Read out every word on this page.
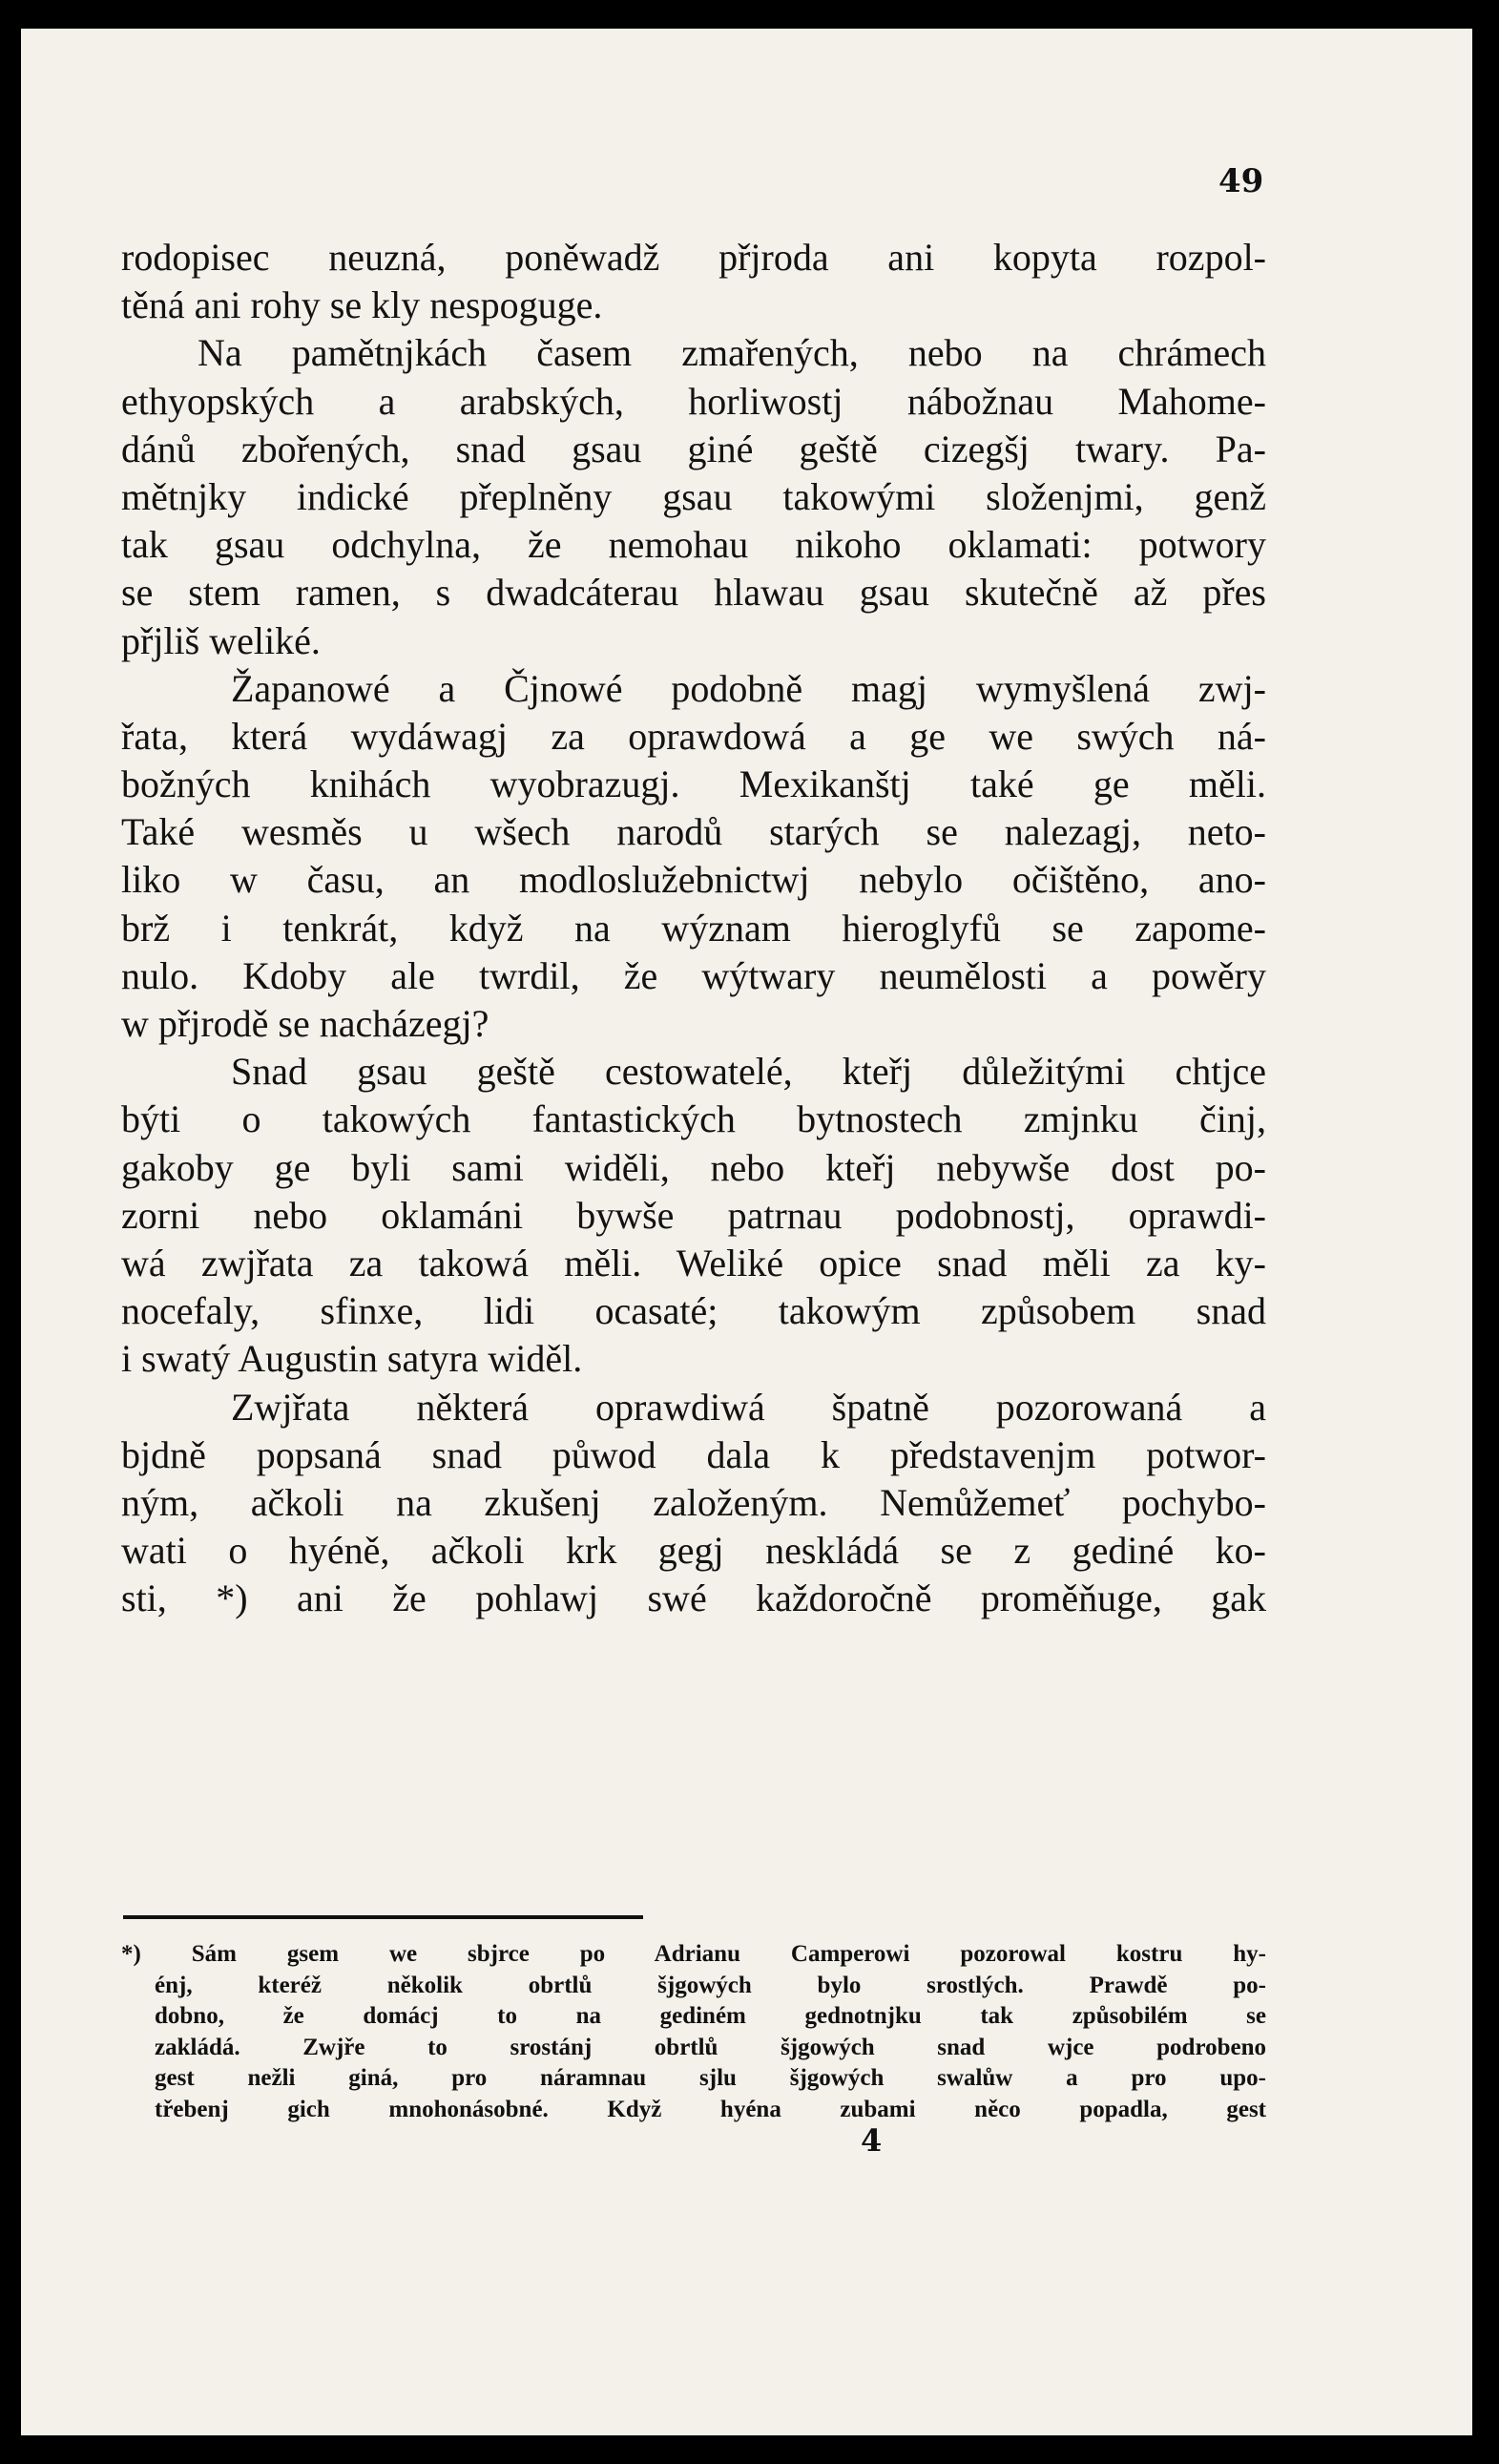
49
rodopisec neuzná, poněwadž přjroda ani kopyta rozpol-
těná ani rohy se kly nespoguge.
Na pamětnjkách časem zmařených, nebo na chrámech
ethyopských a arabských, horliwostj nábožnau Mahome-
dánů zbořených, snad gsau giné geště cizegšj twary. Pa-
mětnjky indické přeplněny gsau takowými složenjmi, genž
tak gsau odchylna, že nemohau nikoho oklamati: potwory
se stem ramen, s dwadcáterau hlawau gsau skutečně až přes
přjliš weliké.
Žapanowé a Čjnowé podobně magj wymyšlená zwj-
řata, která wydáwagj za oprawdowá a ge we swých ná-
božných knihách wyobrazugj. Mexikanštj také ge měli.
Také wesměs u wšech narodů starých se nalezagj, neto-
liko w času, an modloslužebnictwj nebylo očištěno, ano-
brž i tenkrát, když na wýznam hieroglyfů se zapome-
nulo. Kdoby ale twrdil, že wýtwary neumělosti a powěry
w přjrodě se nacházegj?
Snad gsau geště cestowatelé, kteřj důležitými chtjce
býti o takowých fantastických bytnostech zmjnku činj,
gakoby ge byli sami widěli, nebo kteřj nebywše dost po-
zorni nebo oklamáni bywše patrnau podobnostj, oprawdi-
wá zwjřata za takowá měli. Weliké opice snad měli za ky-
nocefaly, sfinxe, lidi ocasaté; takowým způsobem snad
i swatý Augustin satyra widěl.
Zwjřata některá oprawdiwá špatně pozorowaná a
bjdně popsaná snad půwod dala k představenjm potwor-
ným, ačkoli na zkušenj založeným. Nemůžemeť pochybo-
wati o hyéně, ačkoli krk gegj neskládá se z gediné ko-
sti, *) ani že pohlawj swé každoročně proměňuge, gak
*) Sám gsem we sbjrce po Adrianu Camperowi pozorowal kostru hy-
énj, kteréž několik obrtlů šjgowých bylo srostlých. Prawdě po-
dobno, že domácj to na gediném gednotnjku tak způsobilém se
zakládá. Zwjře to srostánj obrtlů šjgowých snad wjce podrobeno
gest nežli giná, pro náramnau sjlu šjgowých swalůw a pro upo-
třebenj gich mnohonásobné. Když hyéna zubami něco popadla, gest
4
